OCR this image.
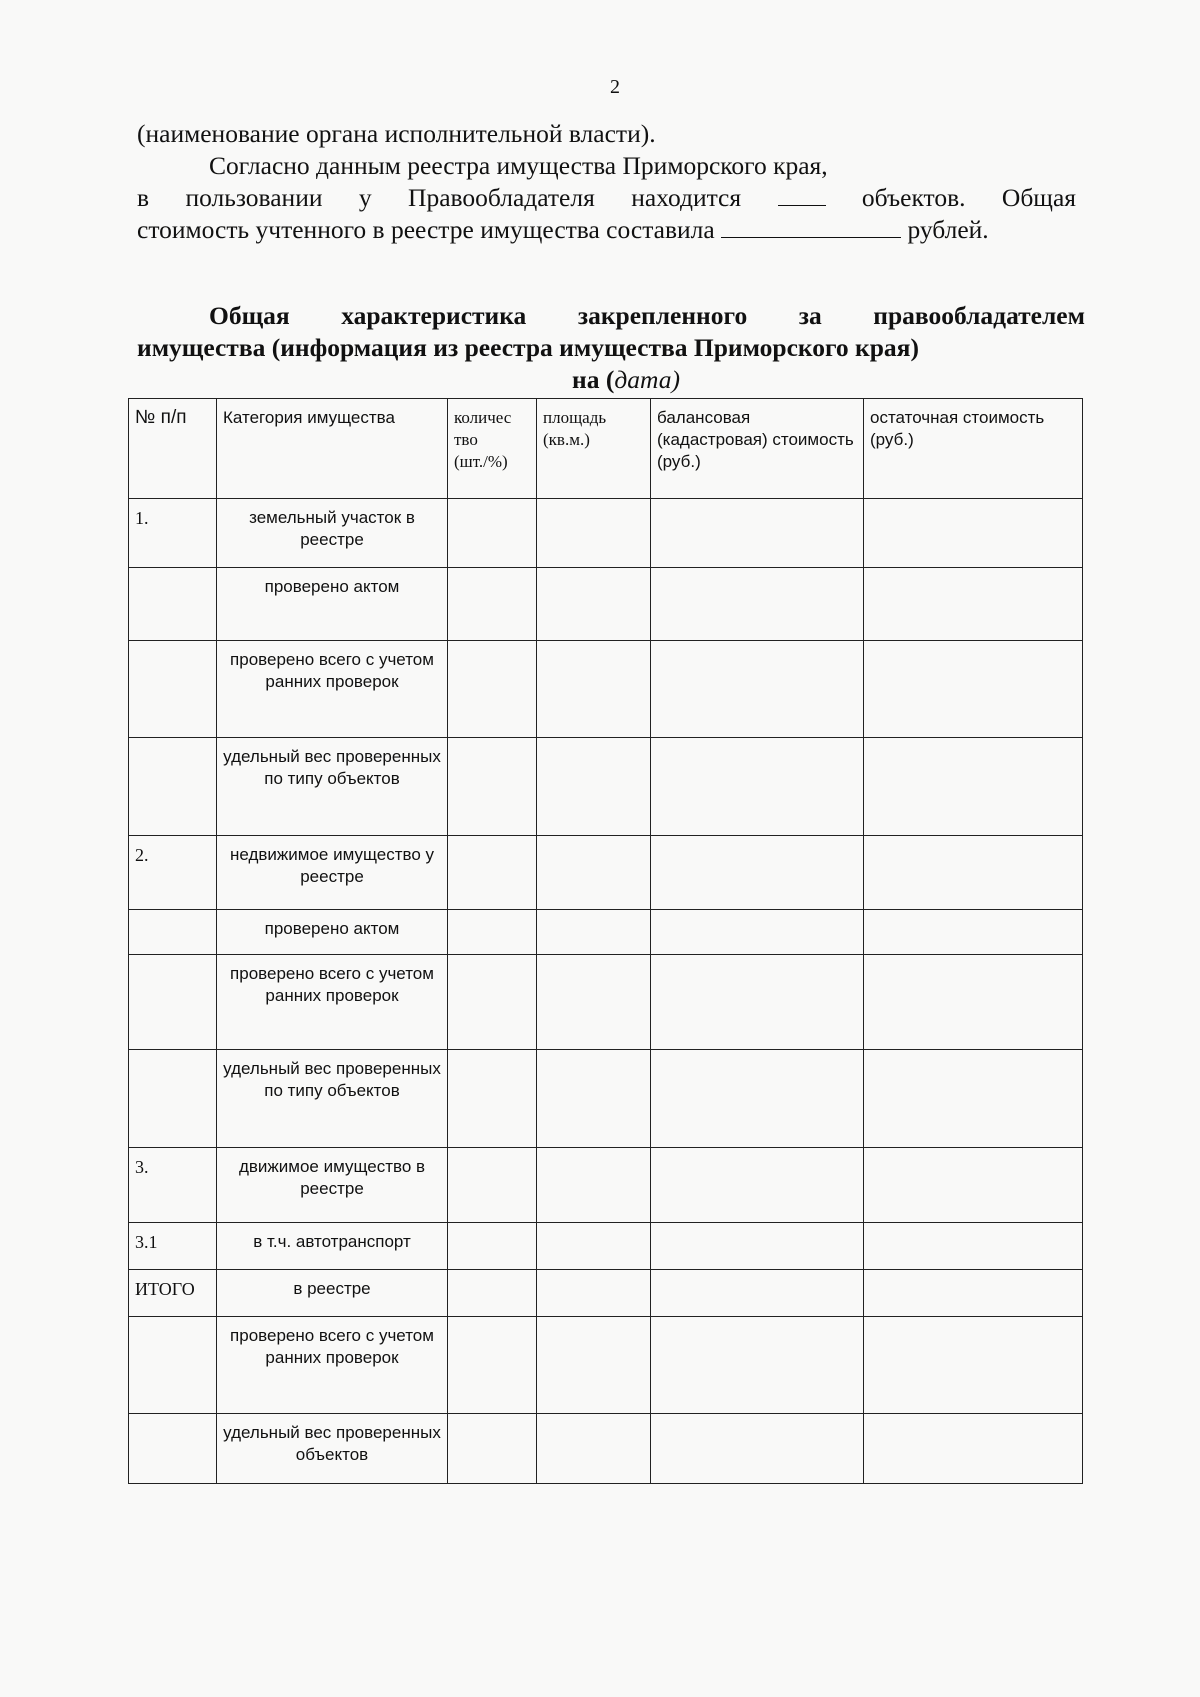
2

(наименование органа исполнительной власти).

Согласно данным реестра имущества Приморского края,

в пользовании у Правообладателя находится	объектов. Общая

стоимость учтенного в реестре имущества составила	рублей.

Общая характеристика закрепленного за правообладателем
имущества (информация из реестра имущества Приморского края)
на (дата)
№ п/п	Категория имущества	количес тво (шт./%)	площадь (кв.м.)	балансовая (кадастровая) стоимость (руб.)	остаточная стоимость (руб.)
1.	земельный участок в реестре				
	проверено актом				
	проверено всего с учетом ранних проверок				
	удельный вес проверенных по типу объектов				
2.	недвижимое имущество у реестре				
	проверено актом				
	проверено всего с учетом ранних проверок				
	удельный вес проверенных по типу объектов				
3.	движимое имущество в реестре				
3.1	в т.ч. автотранспорт				
ИТОГО	в реестре				
	проверено всего с учетом ранних проверок				
	удельный вес проверенных объектов				
